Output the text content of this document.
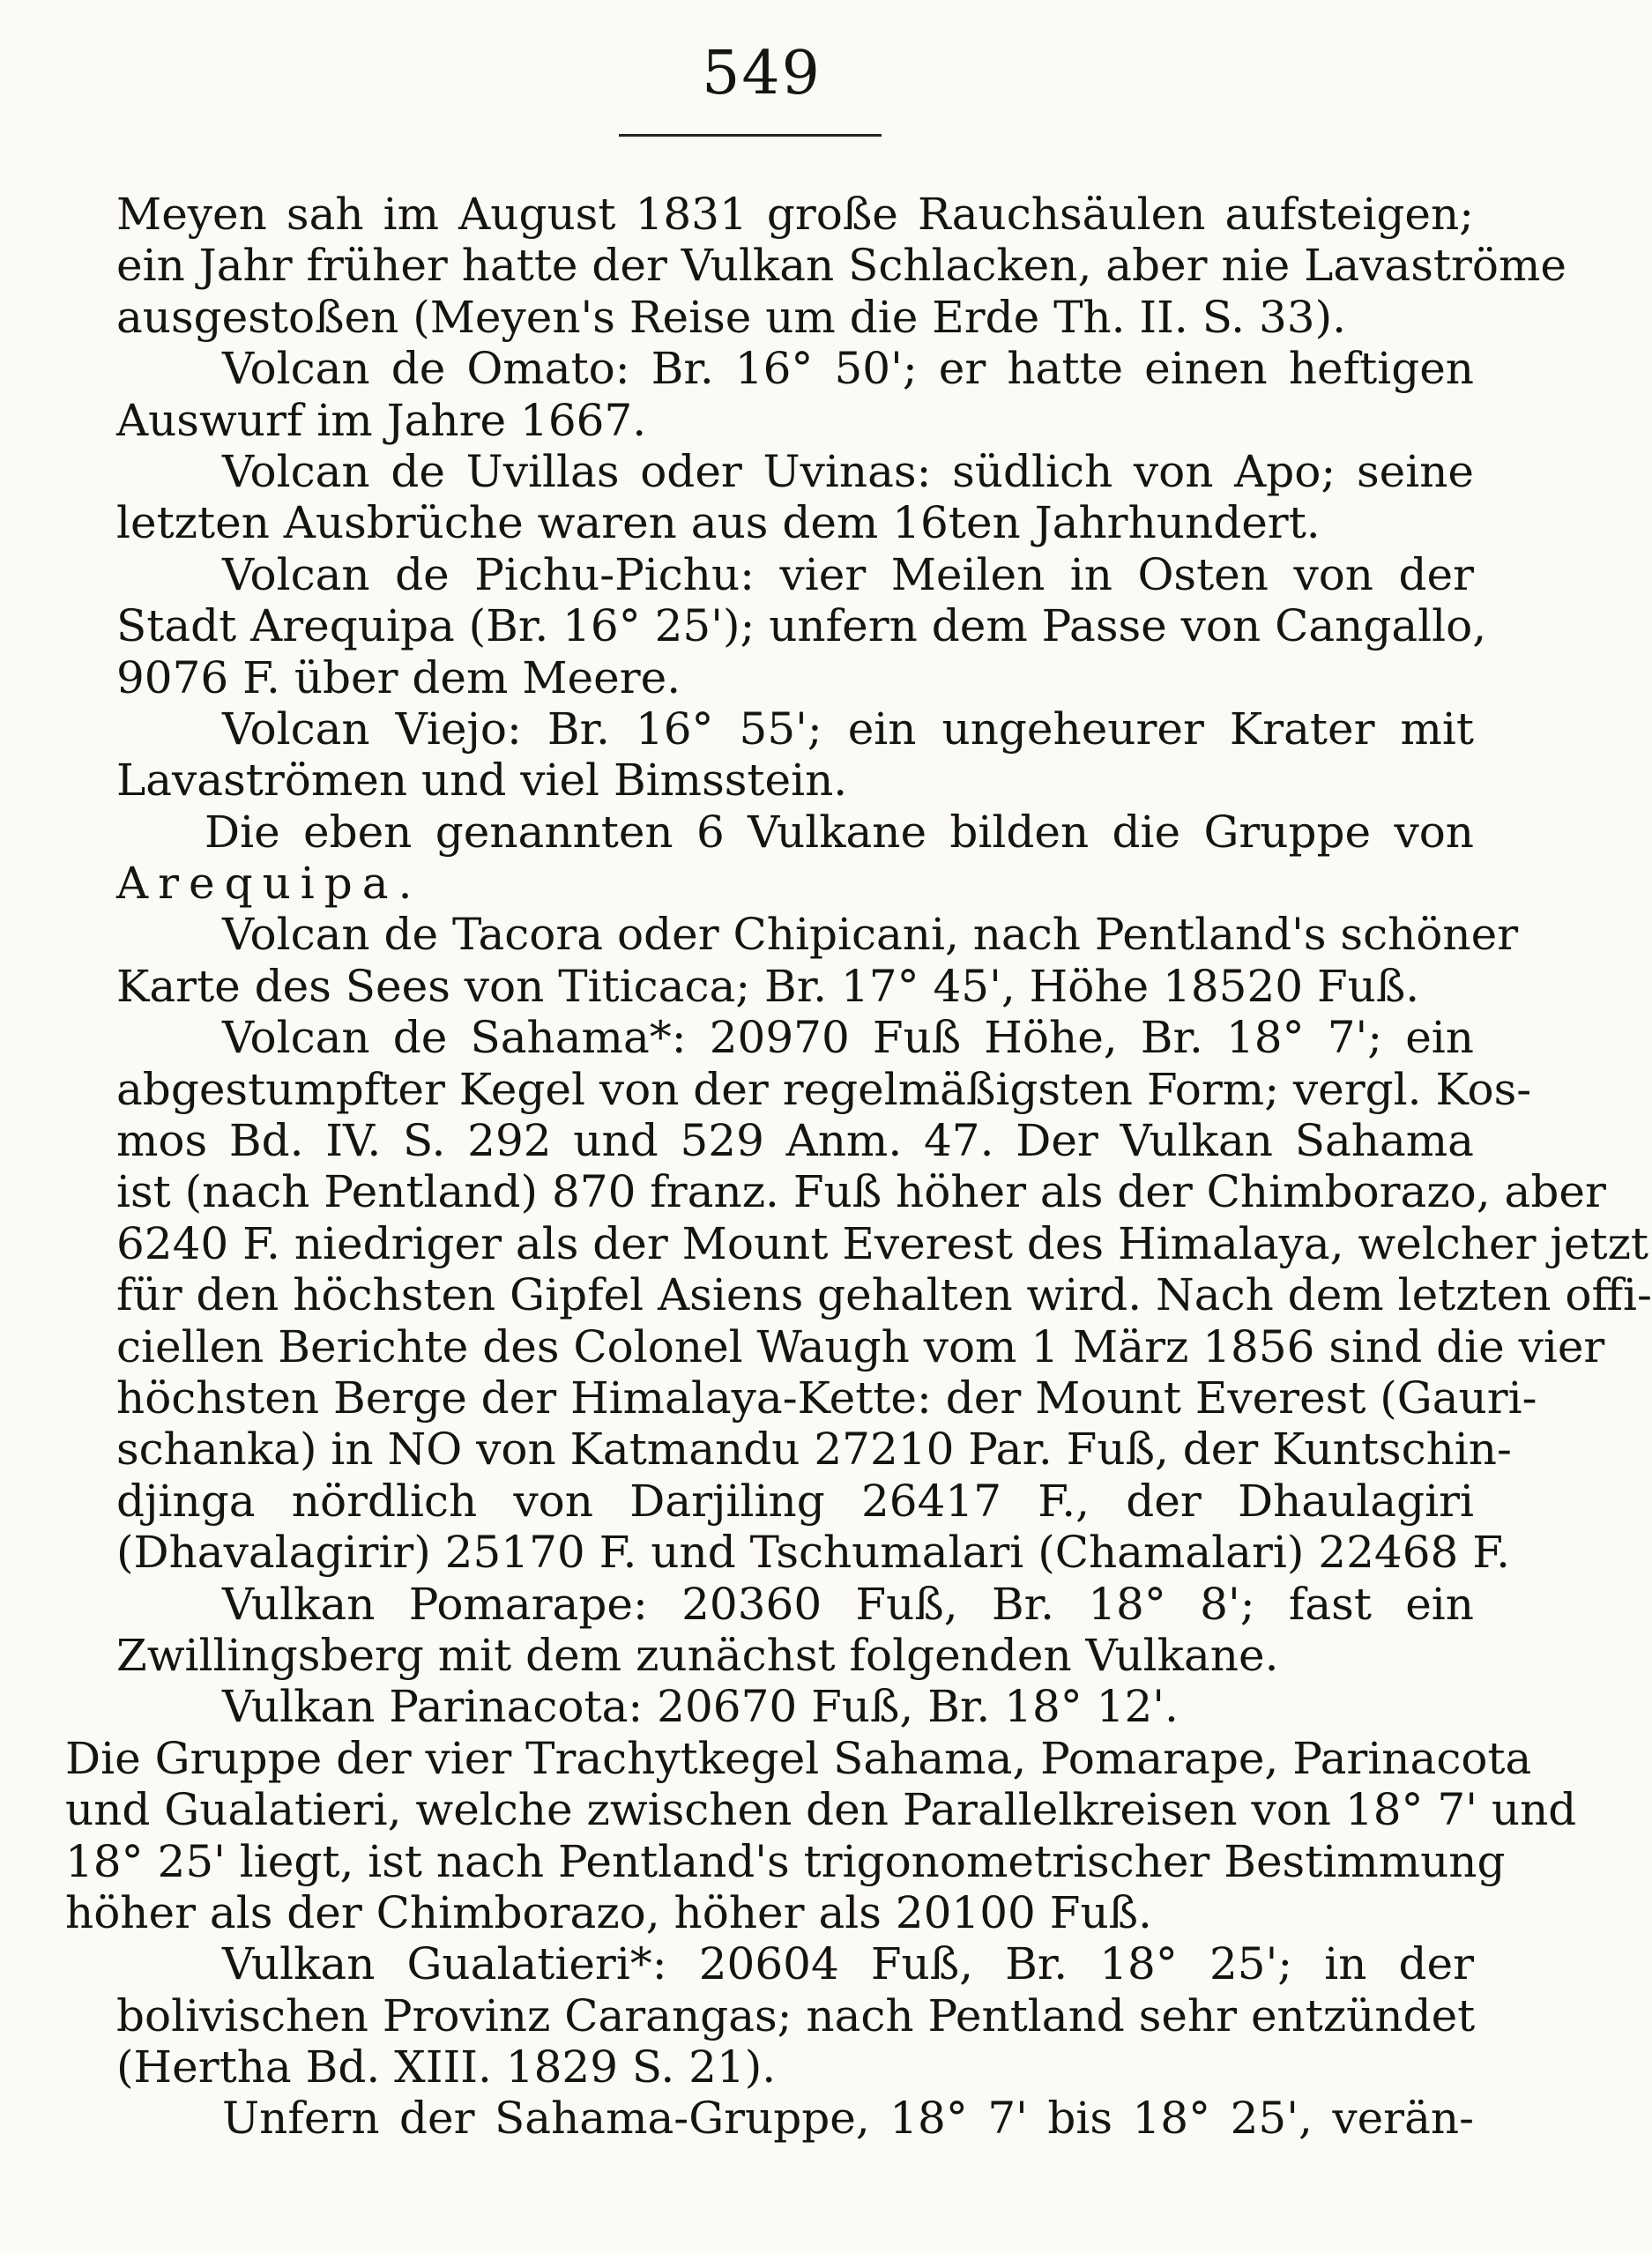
549
Meyen sah im August 1831 große Rauchsäulen aufsteigen;
ein Jahr früher hatte der Vulkan Schlacken, aber nie Lavaströme
ausgestoßen (Meyen's Reise um die Erde Th. II. S. 33).
Volcan de Omato: Br. 16° 50'; er hatte einen heftigen
Auswurf im Jahre 1667.
Volcan de Uvillas oder Uvinas: südlich von Apo; seine
letzten Ausbrüche waren aus dem 16ten Jahrhundert.
Volcan de Pichu-Pichu: vier Meilen in Osten von der
Stadt Arequipa (Br. 16° 25'); unfern dem Passe von Cangallo,
9076 F. über dem Meere.
Volcan Viejo: Br. 16° 55'; ein ungeheurer Krater mit
Lavaströmen und viel Bimsstein.
Die eben genannten 6 Vulkane bilden die Gruppe von
Arequipa.
Volcan de Tacora oder Chipicani, nach Pentland's schöner
Karte des Sees von Titicaca; Br. 17° 45', Höhe 18520 Fuß.
Volcan de Sahama*: 20970 Fuß Höhe, Br. 18° 7'; ein
abgestumpfter Kegel von der regelmäßigsten Form; vergl. Kos-
mos Bd. IV. S. 292 und 529 Anm. 47. Der Vulkan Sahama
ist (nach Pentland) 870 franz. Fuß höher als der Chimborazo, aber
6240 F. niedriger als der Mount Everest des Himalaya, welcher jetzt
für den höchsten Gipfel Asiens gehalten wird. Nach dem letzten offi-
ciellen Berichte des Colonel Waugh vom 1 März 1856 sind die vier
höchsten Berge der Himalaya-Kette: der Mount Everest (Gauri-
schanka) in NO von Katmandu 27210 Par. Fuß, der Kuntschin-
djinga nördlich von Darjiling 26417 F., der Dhaulagiri
(Dhavalagirir) 25170 F. und Tschumalari (Chamalari) 22468 F.
Vulkan Pomarape: 20360 Fuß, Br. 18° 8'; fast ein
Zwillingsberg mit dem zunächst folgenden Vulkane.
Vulkan Parinacota: 20670 Fuß, Br. 18° 12'.
Die Gruppe der vier Trachytkegel Sahama, Pomarape, Parinacota
und Gualatieri, welche zwischen den Parallelkreisen von 18° 7' und
18° 25' liegt, ist nach Pentland's trigonometrischer Bestimmung
höher als der Chimborazo, höher als 20100 Fuß.
Vulkan Gualatieri*: 20604 Fuß, Br. 18° 25'; in der
bolivischen Provinz Carangas; nach Pentland sehr entzündet
(Hertha Bd. XIII. 1829 S. 21).
Unfern der Sahama-Gruppe, 18° 7' bis 18° 25', verän-
